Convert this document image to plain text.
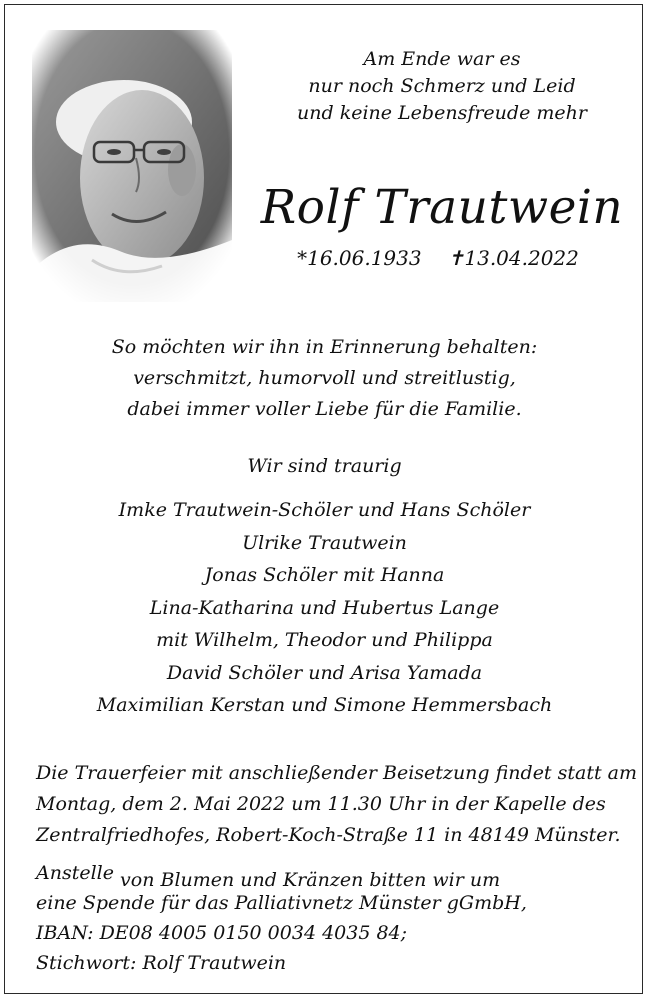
Am Ende war es
nur noch Schmerz und Leid
und keine Lebensfreude mehr
Rolf Trautwein
*16.06.1933 ✝13.04.2022
So möchten wir ihn in Erinnerung behalten:
verschmitzt, humorvoll und streitlustig,
dabei immer voller Liebe für die Familie.
Wir sind traurig
Imke Trautwein-Schöler und Hans Schöler
Ulrike Trautwein
Jonas Schöler mit Hanna
Lina-Katharina und Hubertus Lange
mit Wilhelm, Theodor und Philippa
David Schöler und Arisa Yamada
Maximilian Kerstan und Simone Hemmersbach
Die Trauerfeier mit anschließender Beisetzung findet statt am
Montag, dem 2. Mai 2022 um 11.30 Uhr in der Kapelle des
Zentralfriedhofes, Robert-Koch-Straße 11 in 48149 Münster.
Anstelle von Blumen und Kränzen bitten wir um
eine Spende für das Palliativnetz Münster gGmbH,
IBAN: DE08 4005 0150 0034 4035 84;
Stichwort: Rolf Trautwein
